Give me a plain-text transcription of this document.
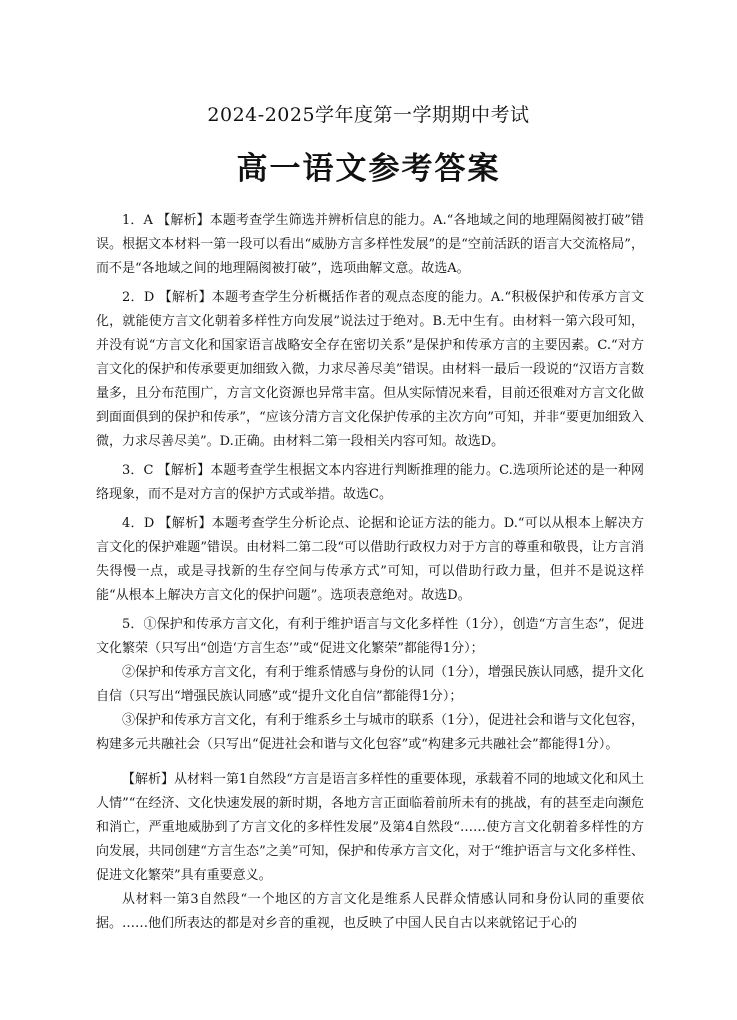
2024-2025学年度第一学期期中考试
高一语文参考答案

1．A 【解析】本题考查学生筛选并辨析信息的能力。A.“各地域之间的地理隔阂被打破”错误。根据文本材料一第一段可以看出“威胁方言多样性发展”的是“空前活跃的语言大交流格局”，而不是“各地域之间的地理隔阂被打破”，选项曲解文意。故选A。

2．D 【解析】本题考查学生分析概括作者的观点态度的能力。A.“积极保护和传承方言文化，就能使方言文化朝着多样性方向发展”说法过于绝对。B.无中生有。由材料一第六段可知，并没有说“方言文化和国家语言战略安全存在密切关系”是保护和传承方言的主要因素。C.“对方言文化的保护和传承要更加细致入微，力求尽善尽美”错误。由材料一最后一段说的“汉语方言数量多，且分布范围广，方言文化资源也异常丰富。但从实际情况来看，目前还很难对方言文化做到面面俱到的保护和传承”，“应该分清方言文化保护传承的主次方向”可知，并非“要更加细致入微，力求尽善尽美”。D.正确。由材料二第一段相关内容可知。故选D。

3．C 【解析】本题考查学生根据文本内容进行判断推理的能力。C.选项所论述的是一种网络现象，而不是对方言的保护方式或举措。故选C。

4．D 【解析】本题考查学生分析论点、论据和论证方法的能力。D.“可以从根本上解决方言文化的保护难题”错误。由材料二第二段“可以借助行政权力对于方言的尊重和敬畏，让方言消失得慢一点，或是寻找新的生存空间与传承方式”可知，可以借助行政力量，但并不是说这样能“从根本上解决方言文化的保护问题”。选项表意绝对。故选D。

5．①保护和传承方言文化，有利于维护语言与文化多样性（1分），创造“方言生态”，促进文化繁荣（只写出“创造‘方言生态’”或“促进文化繁荣”都能得1分）；

②保护和传承方言文化，有利于维系情感与身份的认同（1分），增强民族认同感，提升文化自信（只写出“增强民族认同感”或“提升文化自信”都能得1分）；

③保护和传承方言文化，有利于维系乡土与城市的联系（1分），促进社会和谐与文化包容，构建多元共融社会（只写出“促进社会和谐与文化包容”或“构建多元共融社会”都能得1分）。

【解析】从材料一第1自然段“方言是语言多样性的重要体现，承载着不同的地域文化和风土人情”“在经济、文化快速发展的新时期，各地方言正面临着前所未有的挑战，有的甚至走向濒危和消亡，严重地威胁到了方言文化的多样性发展”及第4自然段“……使方言文化朝着多样性的方向发展，共同创建“方言生态”之美”可知，保护和传承方言文化，对于“维护语言与文化多样性、促进文化繁荣”具有重要意义。

从材料一第3自然段“一个地区的方言文化是维系人民群众情感认同和身份认同的重要依据。……他们所表达的都是对乡音的重视，也反映了中国人民自古以来就铭记于心的
